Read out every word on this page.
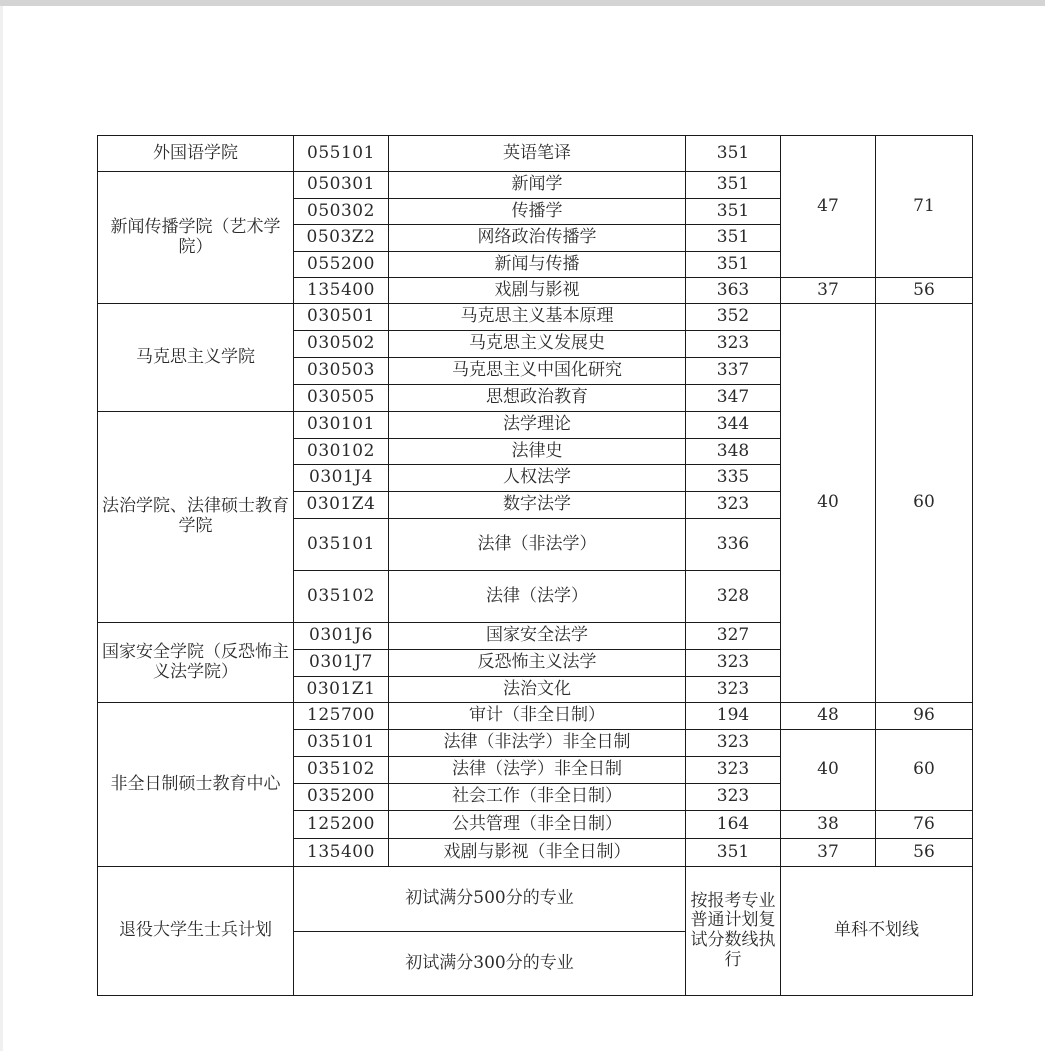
外国语学院	055101	英语笔译	351	47	71
新闻传播学院（艺术学院）	050301	新闻学	351		
	050302	传播学	351		
	0503Z2	网络政治传播学	351		
	055200	新闻与传播	351		
	135400	戏剧与影视	363	37	56
马克思主义学院	030501	马克思主义基本原理	352	40	60
	030502	马克思主义发展史	323		
	030503	马克思主义中国化研究	337		
	030505	思想政治教育	347		
法治学院、法律硕士教育学院	030101	法学理论	344		
	030102	法律史	348		
	0301J4	人权法学	335		
	0301Z4	数字法学	323		
	035101	法律（非法学）	336		
	035102	法律（法学）	328		
国家安全学院（反恐怖主义法学院）	0301J6	国家安全法学	327		
	0301J7	反恐怖主义法学	323		
	0301Z1	法治文化	323		
非全日制硕士教育中心	125700	审计（非全日制）	194	48	96
	035101	法律（非法学）非全日制	323	40	60
	035102	法律（法学）非全日制	323		
	035200	社会工作（非全日制）	323		
	125200	公共管理（非全日制）	164	38	76
	135400	戏剧与影视（非全日制）	351	37	56
退役大学生士兵计划	初试满分500分的专业		按报考专业普通计划复试分数线执行	单科不划线	
	初试满分300分的专业				
